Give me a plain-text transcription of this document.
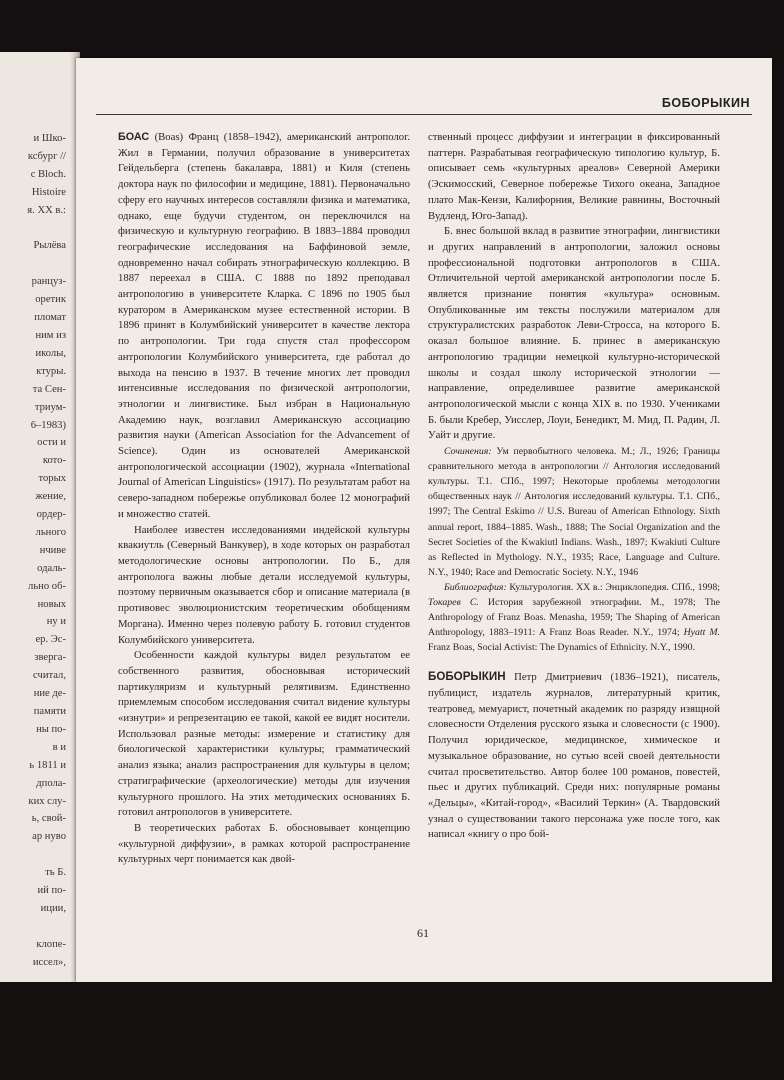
и Шко-
ксбург //
c Bloch.
Histoire
я. XX в.:

Рылёва

ранцуз-
оретик
пломат
ним из
иколы,
ктуры.
та Сен-
триум-
6–1983)
ости и
кото-
торых
жение,
ордер-
льного
нчиве
одаль-
льно об-
новых
ну и
ер. Эс-
зверга-
считал,
ние де-
памяти
ны по-
в и
ь 1811 и
дпола-
ких слу-
ь, свой-
ар нуво

ть Б.
ий по-
иции,

клопе-
иссел»,

БОБОРЫКИН

БОАС (Boas) Франц (1858–1942), американский антрополог. Жил в Германии, получил образование в университетах Гейдельберга (степень бакалавра, 1881) и Киля (степень доктора наук по философии и медицине, 1881). Первоначально сферу его научных интересов составляли физика и математика, однако, еще будучи студентом, он переключился на физическую и культурную географию. В 1883–1884 проводил географические исследования на Баффиновой земле, одновременно начал собирать этнографическую коллекцию. В 1887 переехал в США. С 1888 по 1892 преподавал антропологию в университете Кларка. С 1896 по 1905 был куратором в Американском музее естественной истории. В 1896 принят в Колумбийский университет в качестве лектора по антропологии. Три года спустя стал профессором антропологии Колумбийского университета, где работал до выхода на пенсию в 1937. В течение многих лет проводил интенсивные исследования по физической антропологии, этнологии и лингвистике. Был избран в Национальную Академию наук, возглавил Американскую ассоциацию развития науки (American Association for the Advancement of Science). Один из основателей Американской антропологической ассоциации (1902), журнала «International Journal of American Linguistics» (1917). По результатам работ на северо-западном побережье опубликовал более 12 монографий и множество статей.

Наиболее известен исследованиями индейской культуры квакиутль (Северный Ванкувер), в ходе которых он разработал методологические основы антропологии. По Б., для антрополога важны любые детали исследуемой культуры, поэтому первичным оказывается сбор и описание материала (в противовес эволюционистским теоретическим обобщениям Моргана). Именно через полевую работу Б. готовил студентов Колумбийского университета.

Особенности каждой культуры видел результатом ее собственного развития, обосновывая исторический партикуляризм и культурный релятивизм. Единственно приемлемым способом исследования считал видение культуры «изнутри» и репрезентацию ее такой, какой ее видят носители. Использовал разные методы: измерение и статистику для биологической характеристики культуры; грамматический анализ языка; анализ распространения для культуры в целом; стратиграфические (археологические) методы для изучения культурного прошлого. На этих методических основаниях Б. готовил антропологов в университете.

В теоретических работах Б. обосновывает концепцию «культурной диффузии», в рамках которой распространение культурных черт понимается как двой-

ственный процесс диффузии и интеграции в фиксированный паттерн. Разрабатывая географическую типологию культур, Б. описывает семь «культурных ареалов» Северной Америки (Эскимосский, Северное побережье Тихого океана, Западное плато Мак-Кензи, Калифорния, Великие равнины, Восточный Вудленд, Юго-Запад).

Б. внес большой вклад в развитие этнографии, лингвистики и других направлений в антропологии, заложил основы профессиональной подготовки антропологов в США. Отличительной чертой американской антропологии после Б. является признание понятия «культура» основным. Опубликованные им тексты послужили материалом для структуралистских разработок Леви-Стросса, на которого Б. оказал большое влияние. Б. принес в американскую антропологию традиции немецкой культурно-исторической школы и создал школу исторической этнологии — направление, определившее развитие американской антропологической мысли с конца XIX в. по 1930. Учениками Б. были Кребер, Уисслер, Лоуи, Бенедикт, М. Мид, П. Радин, Л. Уайт и другие.

Сочинения: Ум первобытного человека. М.; Л., 1926; Границы сравнительного метода в антропологии // Антология исследований культуры. Т.1. СПб., 1997; Некоторые проблемы методологии общественных наук // Антология исследований культуры. Т.1. СПб., 1997; The Central Eskimo // U.S. Bureau of American Ethnology. Sixth annual report, 1884–1885. Wash., 1888; The Social Organization and the Secret Societies of the Kwakiutl Indians. Wash., 1897; Kwakiuti Culture as Reflected in Mythology. N.Y., 1935; Race, Language and Culture. N.Y., 1940; Race and Democratic Society. N.Y., 1946

Библиография: Культурология. XX в.: Энциклопедия. СПб., 1998; Токарев С. История зарубежной этнографии. М., 1978; The Anthropology of Franz Boas. Menasha, 1959; The Shaping of American Anthropology, 1883–1911: A Franz Boas Reader. N.Y., 1974; Hyatt M. Franz Boas, Social Activist: The Dynamics of Ethnicity. N.Y., 1990.

БОБОРЫКИН Петр Дмитриевич (1836–1921), писатель, публицист, издатель журналов, литературный критик, театровед, мемуарист, почетный академик по разряду изящной словесности Отделения русского языка и словесности (с 1900). Получил юридическое, медицинское, химическое и музыкальное образование, но сутью всей своей деятельности считал просветительство. Автор более 100 романов, повестей, пьес и других публикаций. Среди них: популярные романы «Дельцы», «Китай-город», «Василий Теркин» (А. Твардовский узнал о существовании такого персонажа уже после того, как написал «книгу о про бой-

61
